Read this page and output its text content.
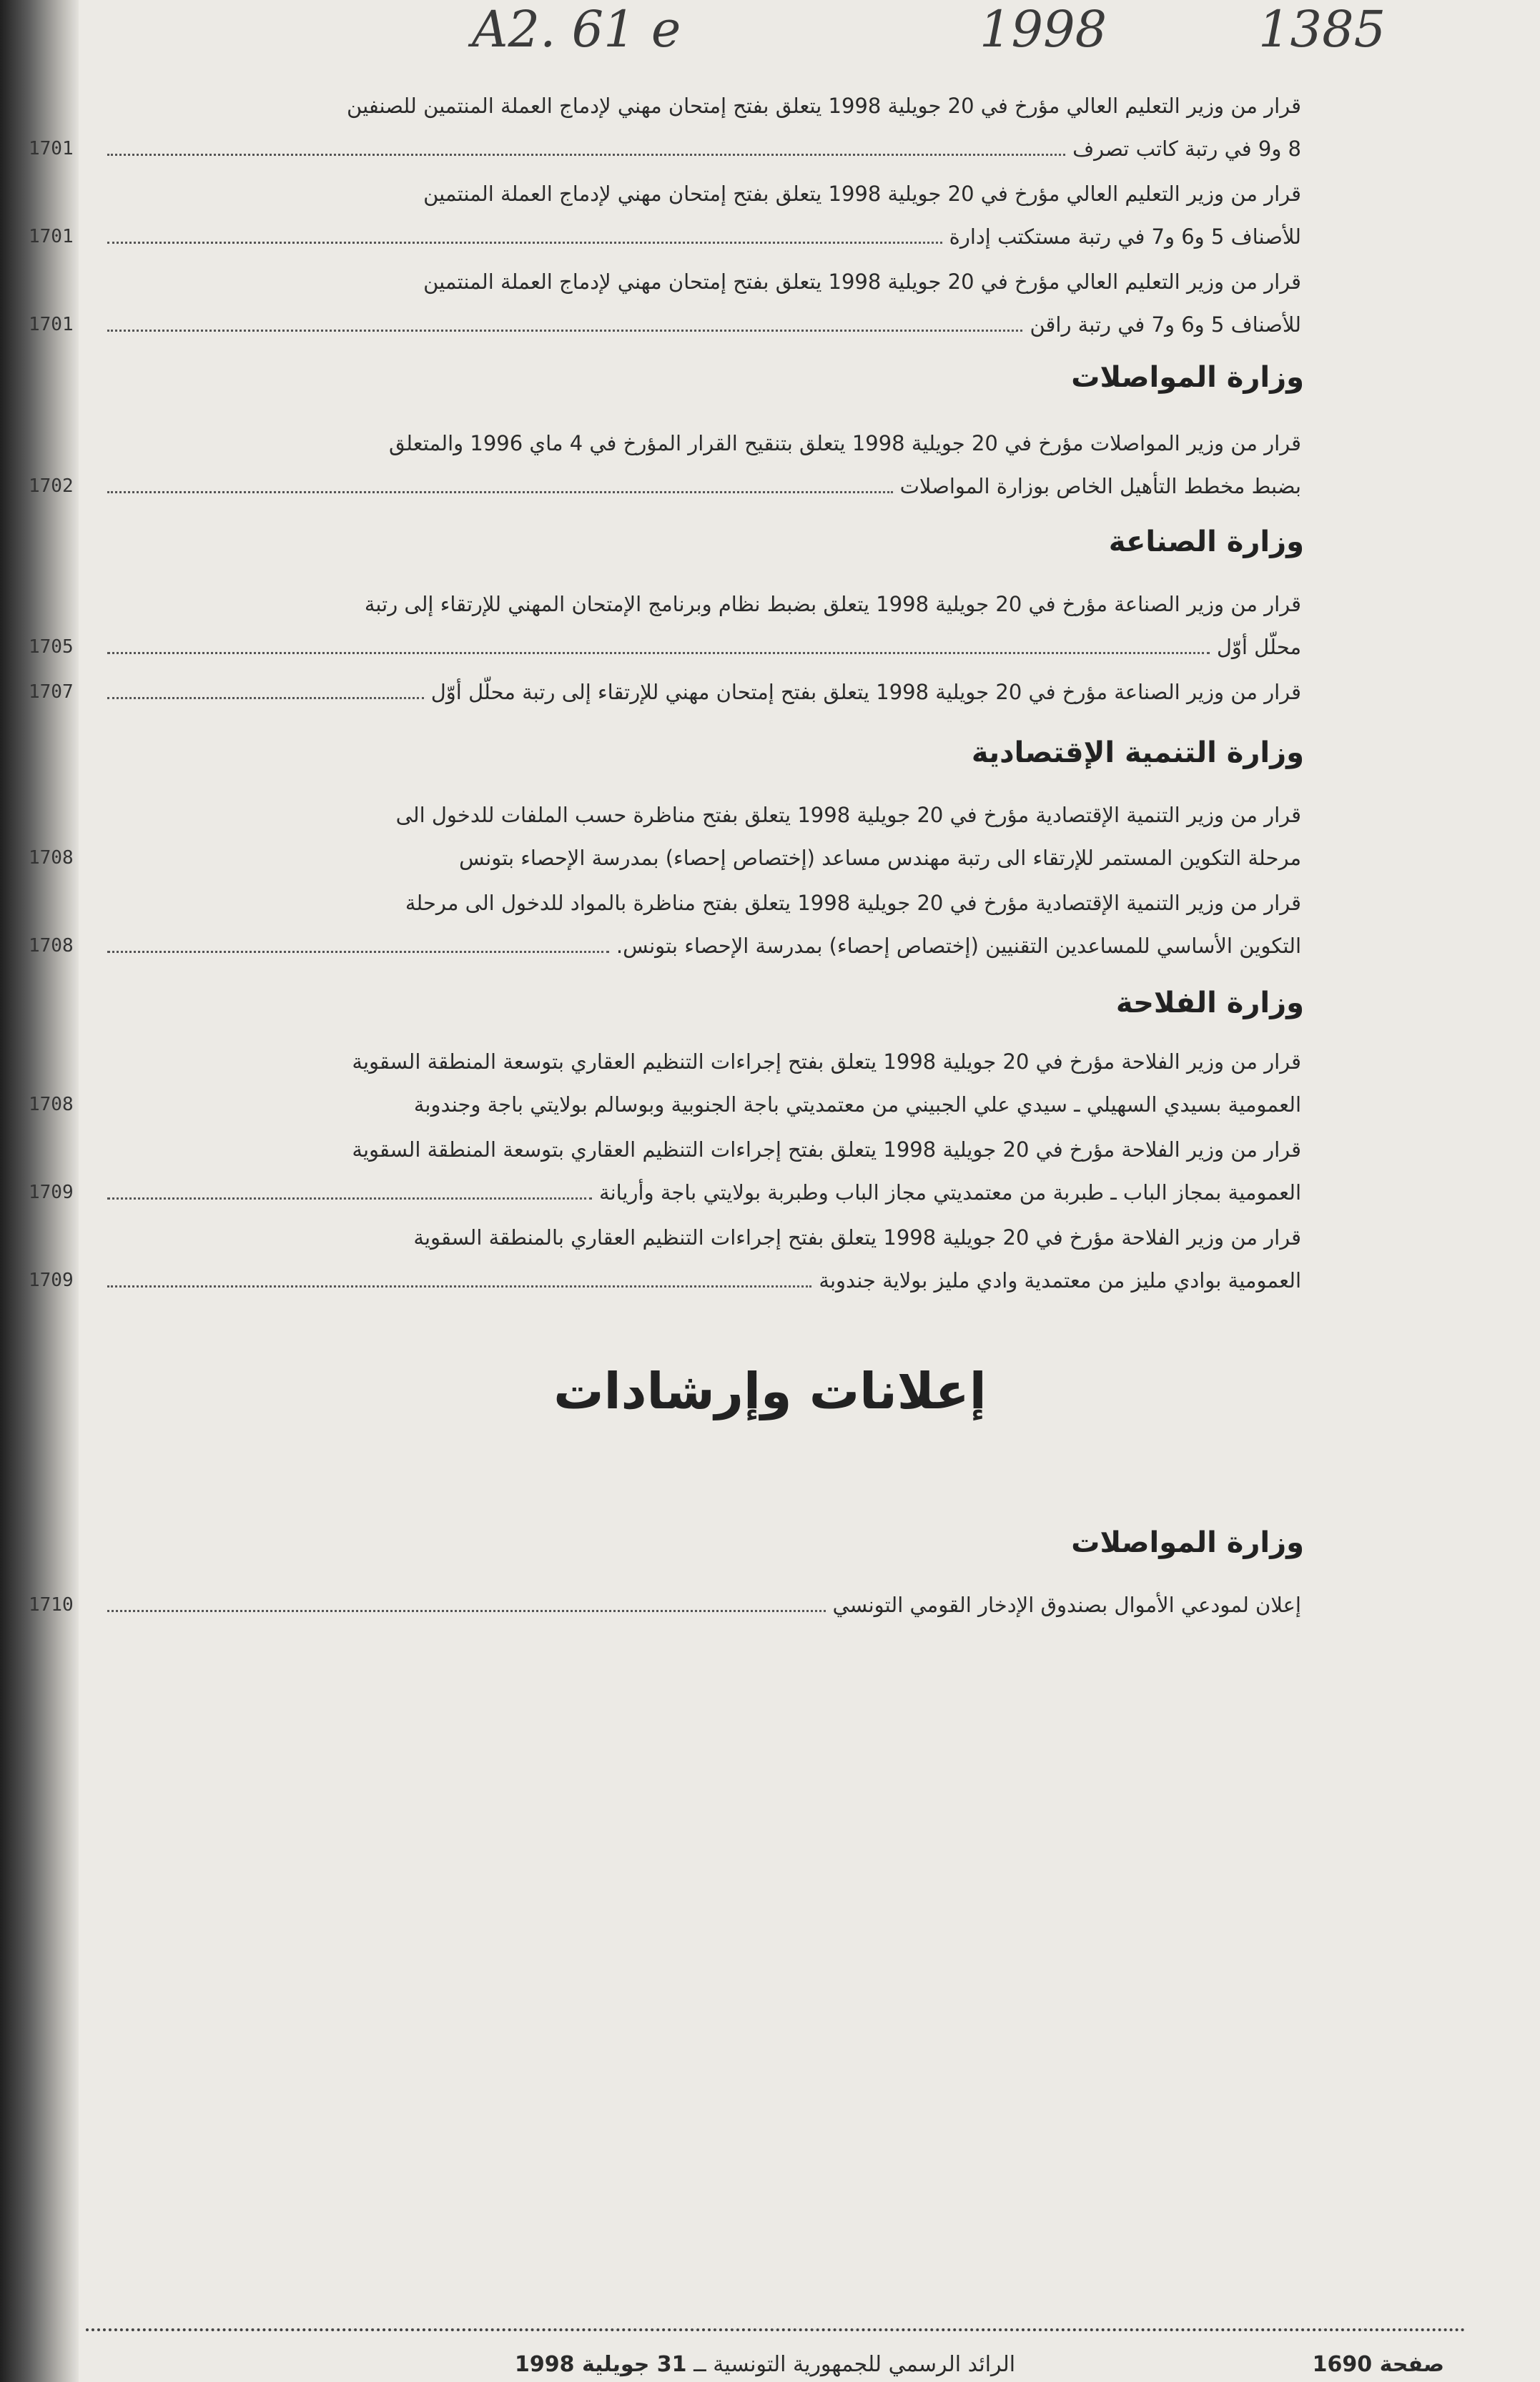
A2. 61 e	1998	1385
قرار من وزير التعليم العالي مؤرخ في 20 جويلية 1998 يتعلق بفتح إمتحان مهني لإدماج العملة المنتمين للصنفين
8 و9 في رتبة كاتب تصرف
1701
قرار من وزير التعليم العالي مؤرخ في 20 جويلية 1998 يتعلق بفتح إمتحان مهني لإدماج العملة المنتمين
للأصناف 5 و6 و7 في رتبة مستكتب إدارة
1701
قرار من وزير التعليم العالي مؤرخ في 20 جويلية 1998 يتعلق بفتح إمتحان مهني لإدماج العملة المنتمين
للأصناف 5 و6 و7 في رتبة راقن
1701
وزارة المواصلات
قرار من وزير المواصلات مؤرخ في 20 جويلية 1998 يتعلق بتنقيح القرار المؤرخ في 4 ماي 1996 والمتعلق
بضبط مخطط التأهيل الخاص بوزارة المواصلات
1702
وزارة الصناعة
قرار من وزير الصناعة مؤرخ في 20 جويلية 1998 يتعلق بضبط نظام وبرنامج الإمتحان المهني للإرتقاء إلى رتبة
محلّل أوّل
1705
قرار من وزير الصناعة مؤرخ في 20 جويلية 1998 يتعلق بفتح إمتحان مهني للإرتقاء إلى رتبة محلّل أوّل
1707
وزارة التنمية الإقتصادية
قرار من وزير التنمية الإقتصادية مؤرخ في 20 جويلية 1998 يتعلق بفتح مناظرة حسب الملفات للدخول الى
مرحلة التكوين المستمر للإرتقاء الى رتبة مهندس مساعد (إختصاص إحصاء) بمدرسة الإحصاء بتونس
1708
قرار من وزير التنمية الإقتصادية مؤرخ في 20 جويلية 1998 يتعلق بفتح مناظرة بالمواد للدخول الى مرحلة
التكوين الأساسي للمساعدين التقنيين (إختصاص إحصاء) بمدرسة الإحصاء بتونس.
1708
وزارة الفلاحة
قرار من وزير الفلاحة مؤرخ في 20 جويلية 1998 يتعلق بفتح إجراءات التنظيم العقاري بتوسعة المنطقة السقوية
العمومية بسيدي السهيلي ـ سيدي علي الجبيني من معتمديتي باجة الجنوبية وبوسالم بولايتي باجة وجندوبة
1708
قرار من وزير الفلاحة مؤرخ في 20 جويلية 1998 يتعلق بفتح إجراءات التنظيم العقاري بتوسعة المنطقة السقوية
العمومية بمجاز الباب ـ طبربة من معتمديتي مجاز الباب وطبربة بولايتي باجة وأريانة
1709
قرار من وزير الفلاحة مؤرخ في 20 جويلية 1998 يتعلق بفتح إجراءات التنظيم العقاري بالمنطقة السقوية
العمومية بوادي مليز من معتمدية وادي مليز بولاية جندوبة
1709
إعلانات وإرشادات
وزارة المواصلات
إعلان لمودعي الأموال بصندوق الإدخار القومي التونسي
1710
صفحة 1690
الرائد الرسمي للجمهورية التونسية ــ 31 جويلية 1998
